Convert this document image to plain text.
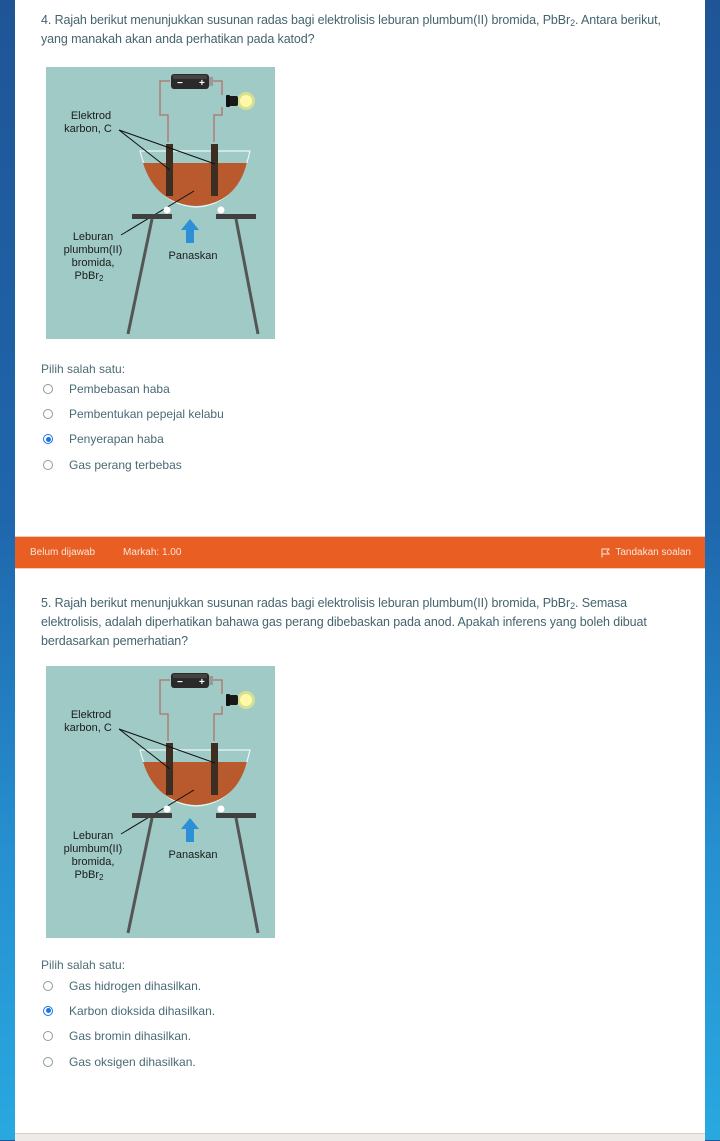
4. Rajah berikut menunjukkan susunan radas bagi elektrolisis leburan plumbum(II) bromida, PbBr$_2$. Antara berikut, yang manakah akan anda perhatikan pada katod?
− +
Elektrod
karbon, C
Leburan
plumbum(II)
bromida,
PbBr2
Panaskan
Pilih salah satu:
Pembebasan haba
Pembentukan pepejal kelabu
Penyerapan haba
Gas perang terbebas
Belum dijawab	Markah: 1.00	Tandakan soalan
5. Rajah berikut menunjukkan susunan radas bagi elektrolisis leburan plumbum(II) bromida, PbBr$_2$. Semasa elektrolisis, adalah diperhatikan bahawa gas perang dibebaskan pada anod. Apakah inferens yang boleh dibuat berdasarkan pemerhatian?
− +
Elektrod
karbon, C
Leburan
plumbum(II)
bromida,
PbBr2
Panaskan
Pilih salah satu:
Gas hidrogen dihasilkan.
Karbon dioksida dihasilkan.
Gas bromin dihasilkan.
Gas oksigen dihasilkan.
